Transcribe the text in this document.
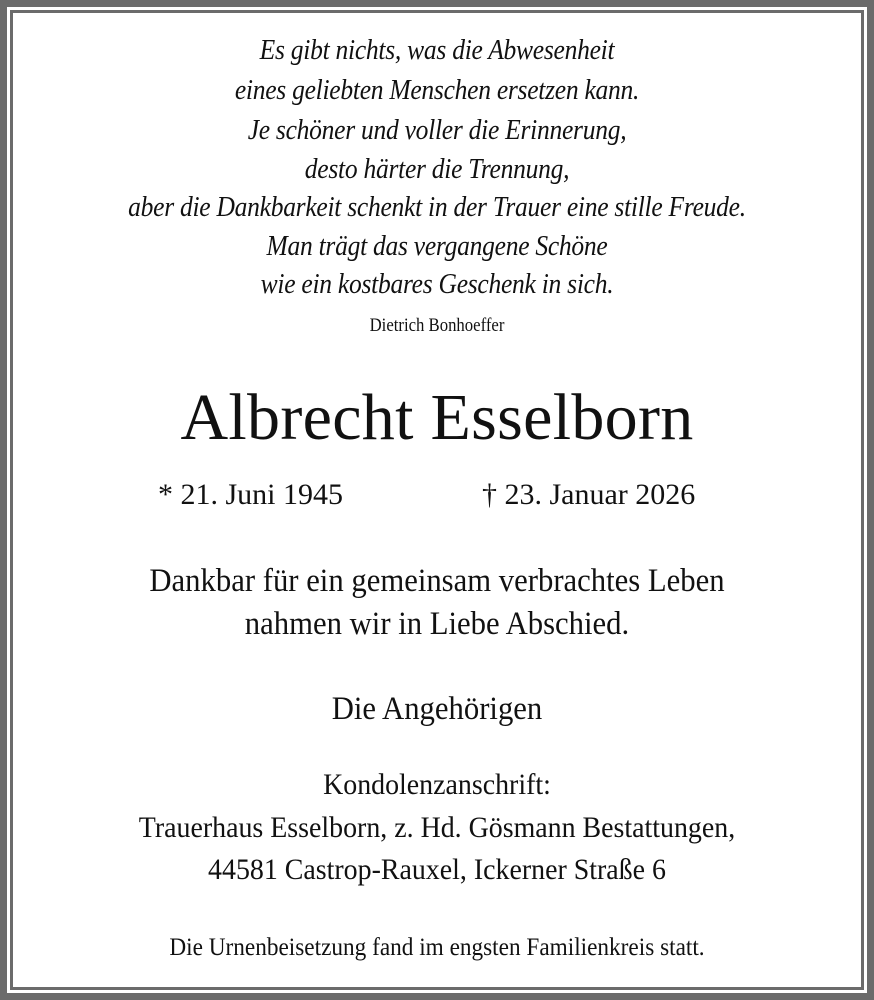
Es gibt nichts, was die Abwesenheit
eines geliebten Menschen ersetzen kann.
Je schöner und voller die Erinnerung,
desto härter die Trennung,
aber die Dankbarkeit schenkt in der Trauer eine stille Freude.
Man trägt das vergangene Schöne
wie ein kostbares Geschenk in sich.
Dietrich Bonhoeffer
Albrecht Esselborn
* 21. Juni 1945	† 23. Januar 2026
Dankbar für ein gemeinsam verbrachtes Leben
nahmen wir in Liebe Abschied.
Die Angehörigen
Kondolenzanschrift:
Trauerhaus Esselborn, z. Hd. Gösmann Bestattungen,
44581 Castrop-Rauxel, Ickerner Straße 6
Die Urnenbeisetzung fand im engsten Familienkreis statt.
